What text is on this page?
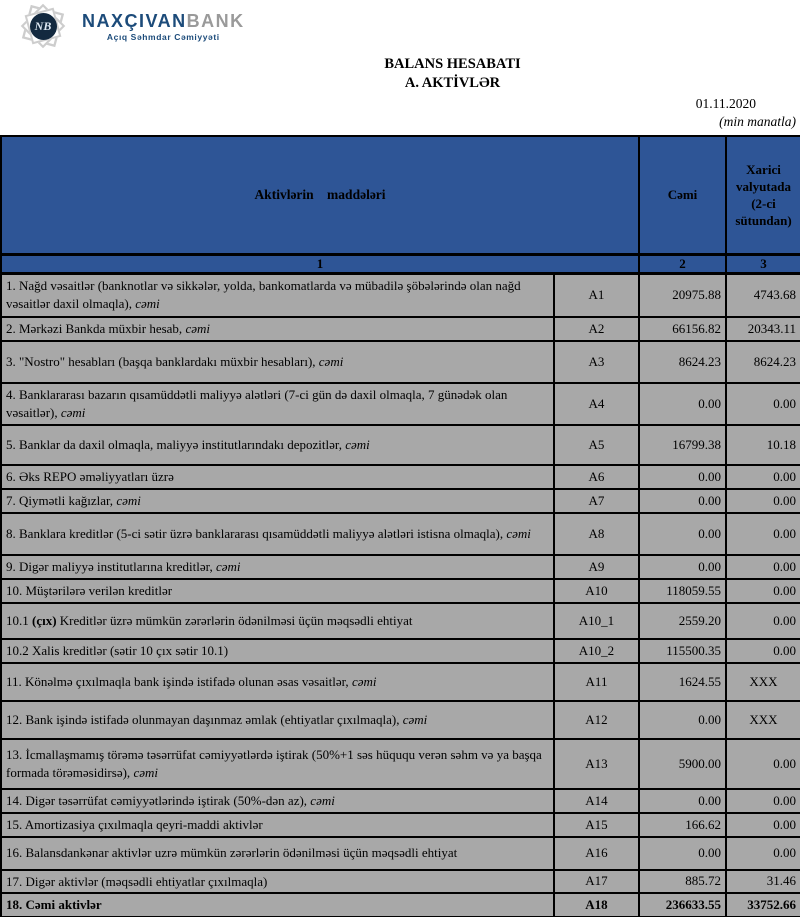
NB NAXÇIVANBANK
Açıq Səhmdar Cəmiyyəti
BALANS HESABATI
A. AKTİVLƏR
01.11.2020
(min manatla)
Aktivlərin maddələri		Cəmi	Xarici valyutada (2-ci sütundan)
1		2	3
1. Nağd vəsaitlər (banknotlar və sikkələr, yolda, bankomatlarda və mübadilə şöbələrində olan nağd vəsaitlər daxil olmaqla), cəmi	A1	20975.88	4743.68
2. Mərkəzi Bankda müxbir hesab, cəmi	A2	66156.82	20343.11
3. "Nostro" hesabları (başqa banklardakı müxbir hesabları), cəmi	A3	8624.23	8624.23
4. Banklararası bazarın qısamüddətli maliyyə alətləri (7-ci gün də daxil olmaqla, 7 günədək olan vəsaitlər), cəmi	A4	0.00	0.00
5. Banklar da daxil olmaqla, maliyyə institutlarındakı depozitlər, cəmi	A5	16799.38	10.18
6. Əks REPO əməliyyatları üzrə	A6	0.00	0.00
7. Qiymətli kağızlar, cəmi	A7	0.00	0.00
8. Banklara kreditlər (5-ci sətir üzrə banklararası qısamüddətli maliyyə alətləri istisna olmaqla), cəmi	A8	0.00	0.00
9. Digər maliyyə institutlarına kreditlər, cəmi	A9	0.00	0.00
10. Müştərilərə verilən kreditlər	A10	118059.55	0.00
10.1 (çıx) Kreditlər üzrə mümkün zərərlərin ödənilməsi üçün məqsədli ehtiyat	A10_1	2559.20	0.00
10.2 Xalis kreditlər (sətir 10 çıx sətir 10.1)	A10_2	115500.35	0.00
11. Könəlmə çıxılmaqla bank işində istifadə olunan əsas vəsaitlər, cəmi	A11	1624.55	XXX
12. Bank işində istifadə olunmayan daşınmaz əmlak (ehtiyatlar çıxılmaqla), cəmi	A12	0.00	XXX
13. İcmallaşmamış törəmə təsərrüfat cəmiyyətlərdə iştirak (50%+1 səs hüququ verən səhm və ya başqa formada törəməsidirsə), cəmi	A13	5900.00	0.00
14. Digər təsərrüfat cəmiyyətlərində iştirak (50%-dən az), cəmi	A14	0.00	0.00
15. Amortizasiya çıxılmaqla qeyri-maddi aktivlər	A15	166.62	0.00
16. Balansdankənar aktivlər uzrə mümkün zərərlərin ödənilməsi üçün məqsədli ehtiyat	A16	0.00	0.00
17. Digər aktivlər (məqsədli ehtiyatlar çıxılmaqla)	A17	885.72	31.46
18. Cəmi aktivlər	A18	236633.55	33752.66
